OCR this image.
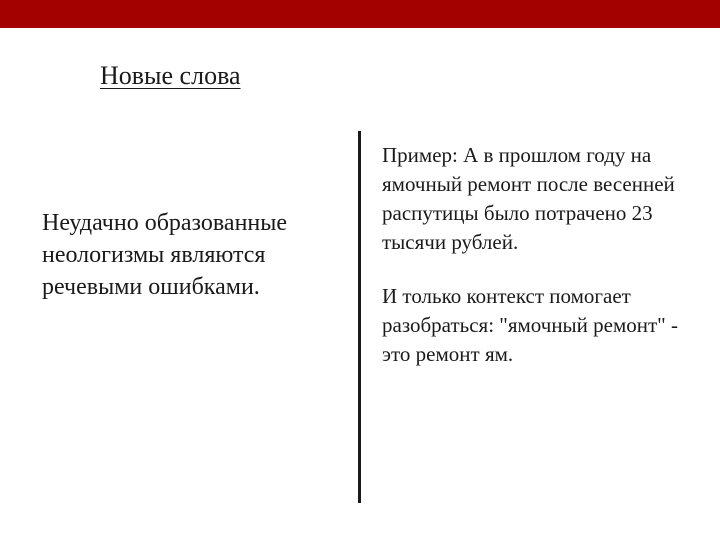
Новые слова
Неудачно образованные неологизмы являются речевыми ошибками.

Пример: А в прошлом году на ямочный ремонт после весенней распутицы было потрачено 23 тысячи рублей.

И только контекст помогает разобраться: "ямочный ремонт" - это ремонт ям.
